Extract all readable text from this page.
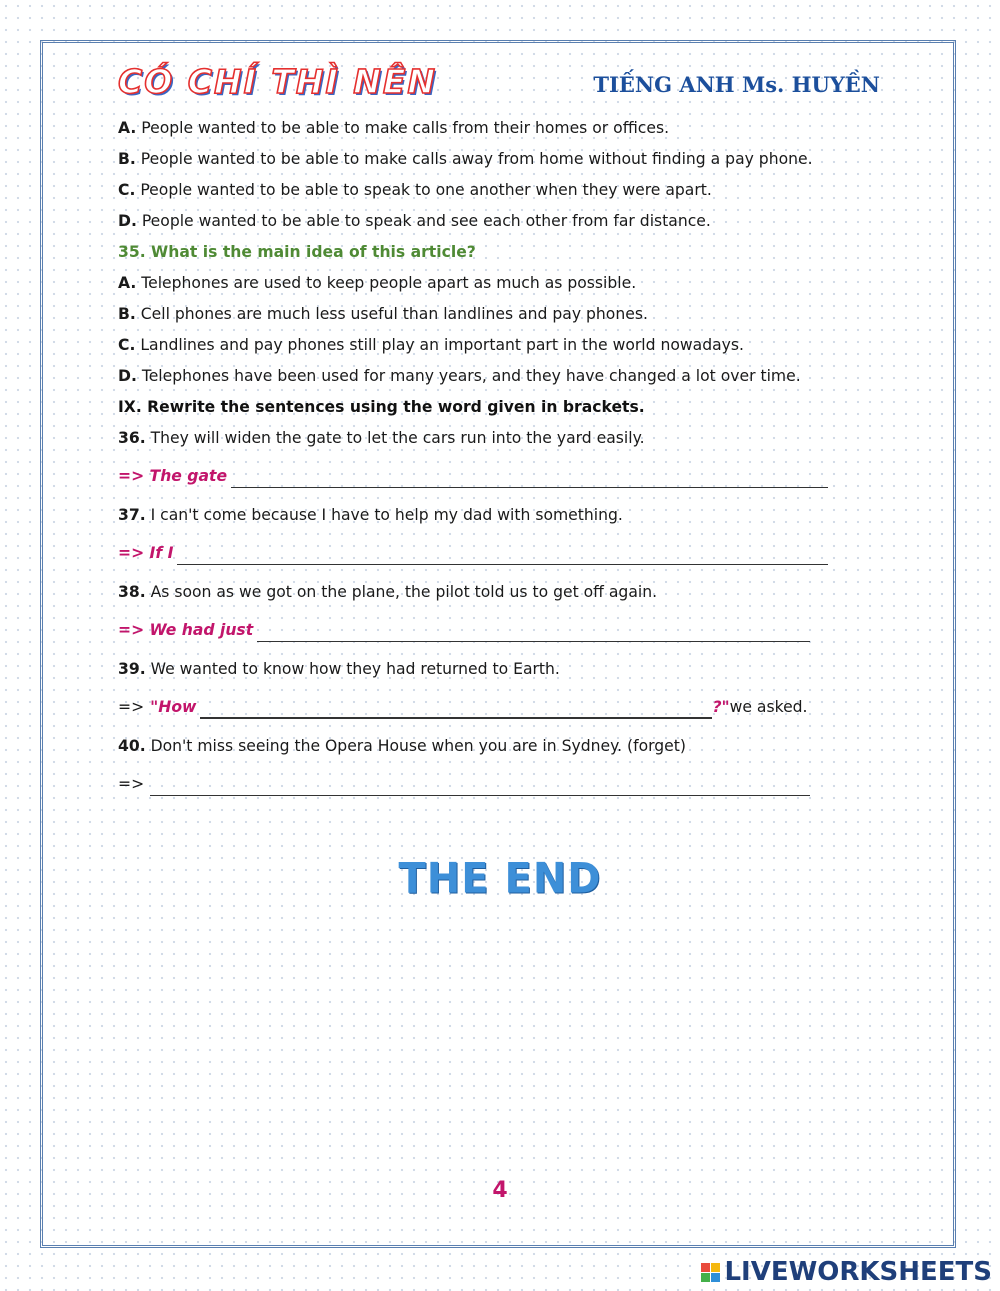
CÓ CHÍ THÌ NÊN	TIẾNG ANH Ms. HUYỀN
A. People wanted to be able to make calls from their homes or offices.
B. People wanted to be able to make calls away from home without finding a pay phone.
C. People wanted to be able to speak to one another when they were apart.
D. People wanted to be able to speak and see each other from far distance.
35. What is the main idea of this article?
A. Telephones are used to keep people apart as much as possible.
B. Cell phones are much less useful than landlines and pay phones.
C. Landlines and pay phones still play an important part in the world nowadays.
D. Telephones have been used for many years, and they have changed a lot over time.
IX. Rewrite the sentences using the word given in brackets.
36. They will widen the gate to let the cars run into the yard easily.
=> The gate
37. I can't come because I have to help my dad with something.
=> If I
38. As soon as we got on the plane, the pilot told us to get off again.
=> We had just
39. We wanted to know how they had returned to Earth.
=> "How	?" we asked.
40. Don't miss seeing the Opera House when you are in Sydney. (forget)
=>
THE END
4
LIVEWORKSHEETS
